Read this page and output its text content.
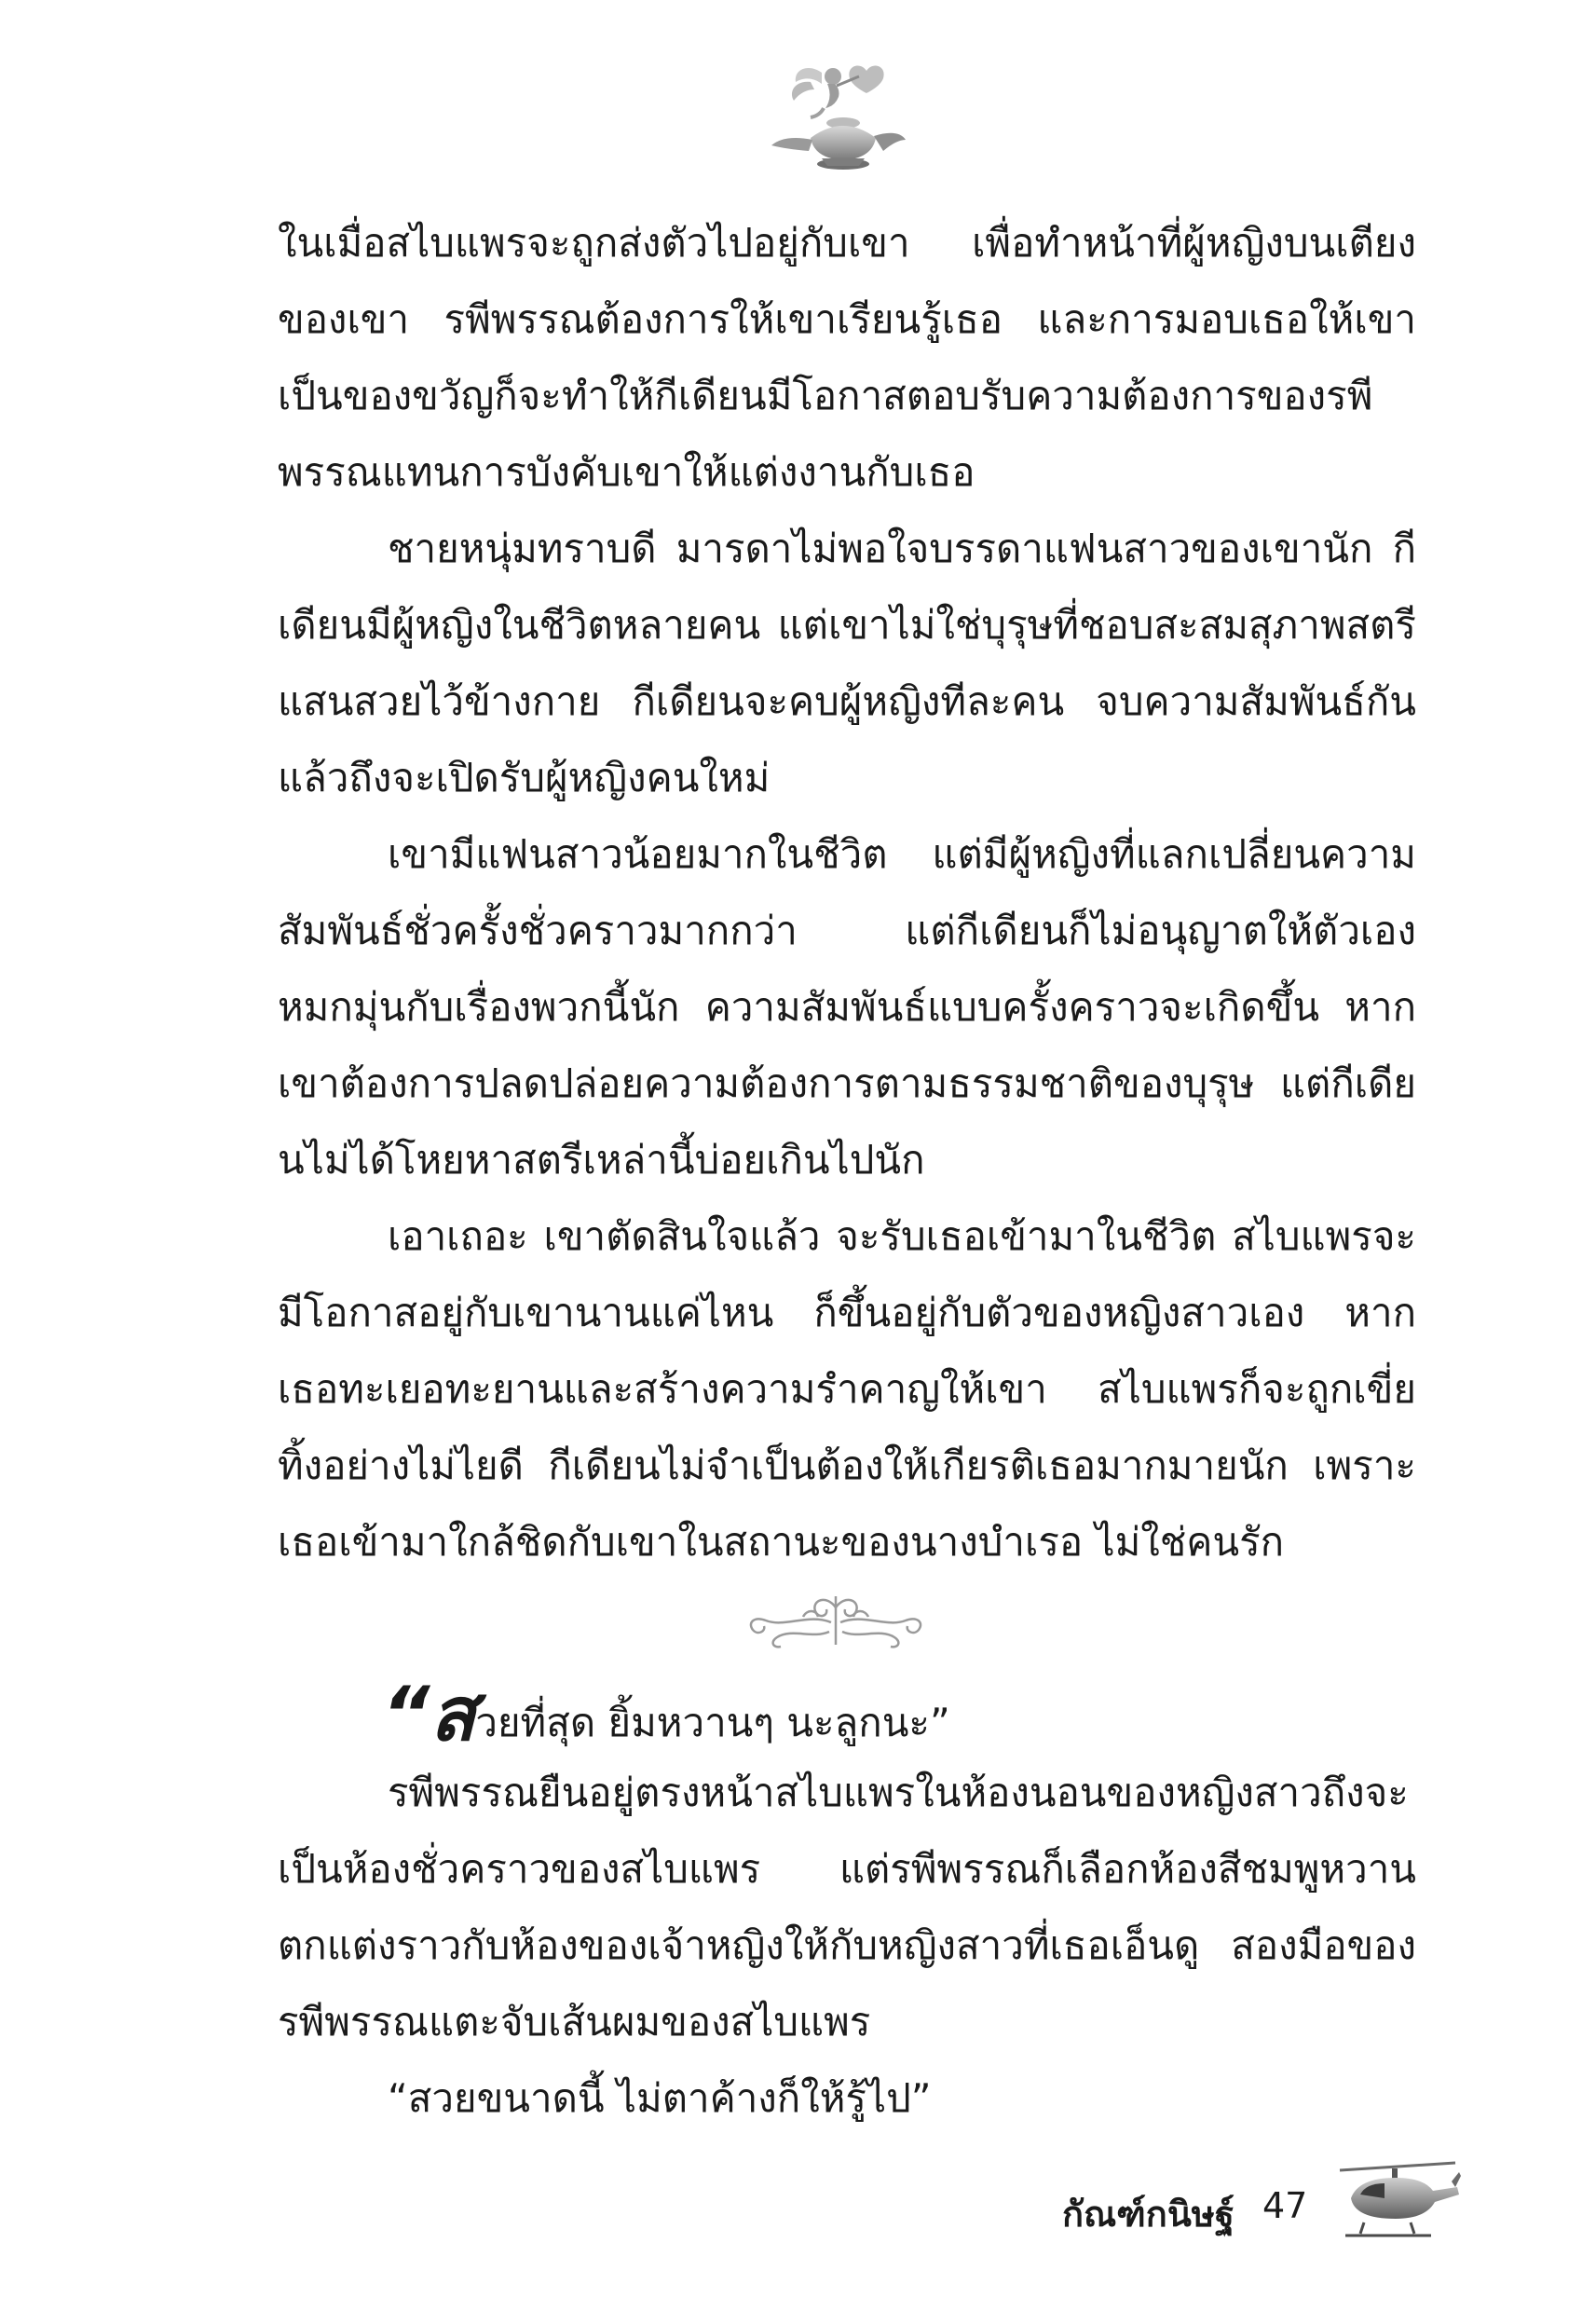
ในเมื่อสไบแพรจะถูกส่งตัวไปอยู่กับเขา เพื่อทำหน้าที่ผู้หญิงบนเตียงของเขา รพีพรรณต้องการให้เขาเรียนรู้เธอ และการมอบเธอให้เขาเป็นของขวัญก็จะทำให้กีเดียนมีโอกาสตอบรับความต้องการของรพีพรรณแทนการบังคับเขาให้แต่งงานกับเธอ

ชายหนุ่มทราบดี มารดาไม่พอใจบรรดาแฟนสาวของเขานัก กีเดียนมีผู้หญิงในชีวิตหลายคน แต่เขาไม่ใช่บุรุษที่ชอบสะสมสุภาพสตรีแสนสวยไว้ข้างกาย กีเดียนจะคบผู้หญิงทีละคน จบความสัมพันธ์กันแล้วถึงจะเปิดรับผู้หญิงคนใหม่

เขามีแฟนสาวน้อยมากในชีวิต แต่มีผู้หญิงที่แลกเปลี่ยนความสัมพันธ์ชั่วครั้งชั่วคราวมากกว่า แต่กีเดียนก็ไม่อนุญาตให้ตัวเองหมกมุ่นกับเรื่องพวกนี้นัก ความสัมพันธ์แบบครั้งคราวจะเกิดขึ้น หากเขาต้องการปลดปล่อยความต้องการตามธรรมชาติของบุรุษ แต่กีเดียนไม่ได้โหยหาสตรีเหล่านี้บ่อยเกินไปนัก

เอาเถอะ เขาตัดสินใจแล้ว จะรับเธอเข้ามาในชีวิต สไบแพรจะมีโอกาสอยู่กับเขานานแค่ไหน ก็ขึ้นอยู่กับตัวของหญิงสาวเอง หากเธอทะเยอทะยานและสร้างความรำคาญให้เขา สไบแพรก็จะถูกเขี่ยทิ้งอย่างไม่ไยดี กีเดียนไม่จำเป็นต้องให้เกียรติเธอมากมายนัก เพราะเธอเข้ามาใกล้ชิดกับเขาในสถานะของนางบำเรอ ไม่ใช่คนรัก

“สวยที่สุด ยิ้มหวานๆ นะลูกนะ”

รพีพรรณยืนอยู่ตรงหน้าสไบแพรในห้องนอนของหญิงสาวถึงจะเป็นห้องชั่วคราวของสไบแพร แต่รพีพรรณก็เลือกห้องสีชมพูหวานตกแต่งราวกับห้องของเจ้าหญิงให้กับหญิงสาวที่เธอเอ็นดู สองมือของรพีพรรณแตะจับเส้นผมของสไบแพร

“สวยขนาดนี้ ไม่ตาค้างก็ให้รู้ไป”

กัณฑ์กนิษฐ์ 47
